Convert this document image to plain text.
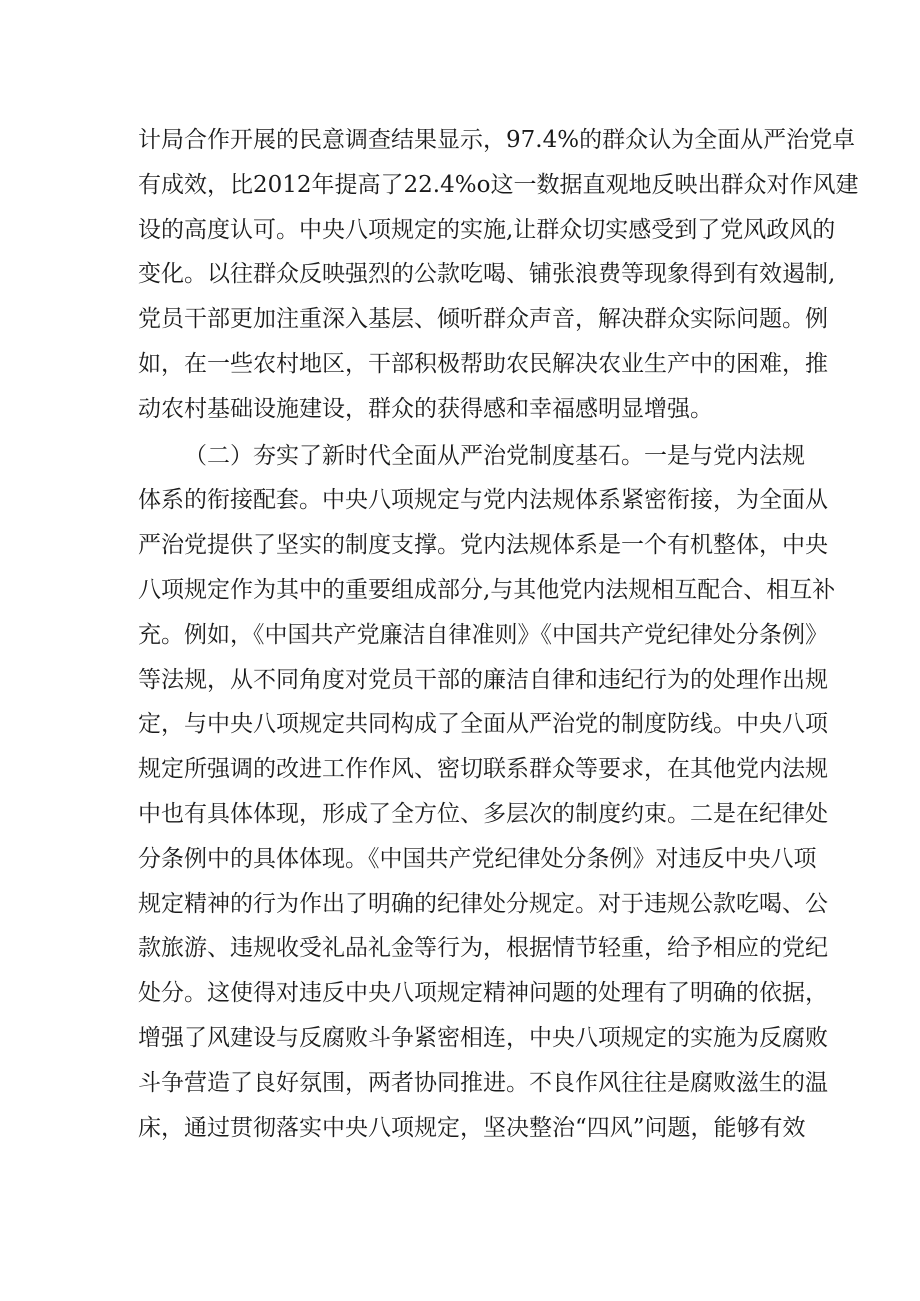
计局合作开展的民意调查结果显示，97.4%的群众认为全面从严治党卓
有成效，比2012年提高了22.4%o这一数据直观地反映出群众对作风建
设的高度认可。中央八项规定的实施,让群众切实感受到了党风政风的
变化。以往群众反映强烈的公款吃喝、铺张浪费等现象得到有效遏制,
党员干部更加注重深入基层、倾听群众声音，解决群众实际问题。例
如，在一些农村地区，干部积极帮助农民解决农业生产中的困难，推
动农村基础设施建设，群众的获得感和幸福感明显增强。
（二）夯实了新时代全面从严治党制度基石。一是与党内法规
体系的衔接配套。中央八项规定与党内法规体系紧密衔接，为全面从
严治党提供了坚实的制度支撑。党内法规体系是一个有机整体，中央
八项规定作为其中的重要组成部分,与其他党内法规相互配合、相互补
充。例如，《中国共产党廉洁自律准则》《中国共产党纪律处分条例》
等法规，从不同角度对党员干部的廉洁自律和违纪行为的处理作出规
定，与中央八项规定共同构成了全面从严治党的制度防线。中央八项
规定所强调的改进工作作风、密切联系群众等要求，在其他党内法规
中也有具体体现，形成了全方位、多层次的制度约束。二是在纪律处
分条例中的具体体现。《中国共产党纪律处分条例》对违反中央八项
规定精神的行为作出了明确的纪律处分规定。对于违规公款吃喝、公
款旅游、违规收受礼品礼金等行为，根据情节轻重，给予相应的党纪
处分。这使得对违反中央八项规定精神问题的处理有了明确的依据，
增强了风建设与反腐败斗争紧密相连，中央八项规定的实施为反腐败
斗争营造了良好氛围，两者协同推进。不良作风往往是腐败滋生的温
床，通过贯彻落实中央八项规定，坚决整治“四风”问题，能够有效
